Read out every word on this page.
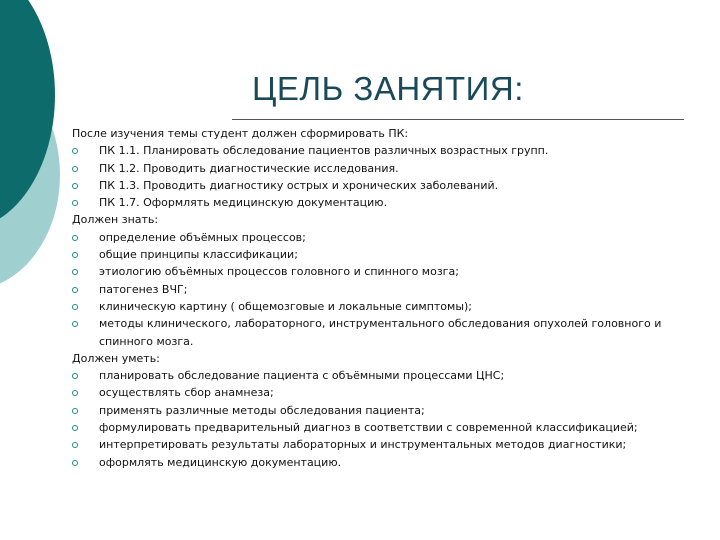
ЦЕЛЬ ЗАНЯТИЯ:
После изучения темы студент должен сформировать ПК:
ПК 1.1. Планировать обследование пациентов различных возрастных групп.
ПК 1.2. Проводить диагностические исследования.
ПК 1.3. Проводить диагностику острых и хронических заболеваний.
ПК 1.7. Оформлять медицинскую документацию.
Должен знать:
определение объёмных процессов;
общие принципы классификации;
этиологию объёмных процессов головного и спинного мозга;
патогенез ВЧГ;
клиническую картину ( общемозговые и локальные симптомы);
методы клинического, лабораторного, инструментального обследования опухолей головного и спинного мозга.
Должен уметь:
планировать обследование пациента с объёмными процессами ЦНС;
осуществлять сбор анамнеза;
применять различные методы обследования пациента;
формулировать предварительный диагноз в соответствии с современной классификацией;
интерпретировать результаты лабораторных и инструментальных методов диагностики;
оформлять медицинскую документацию.
